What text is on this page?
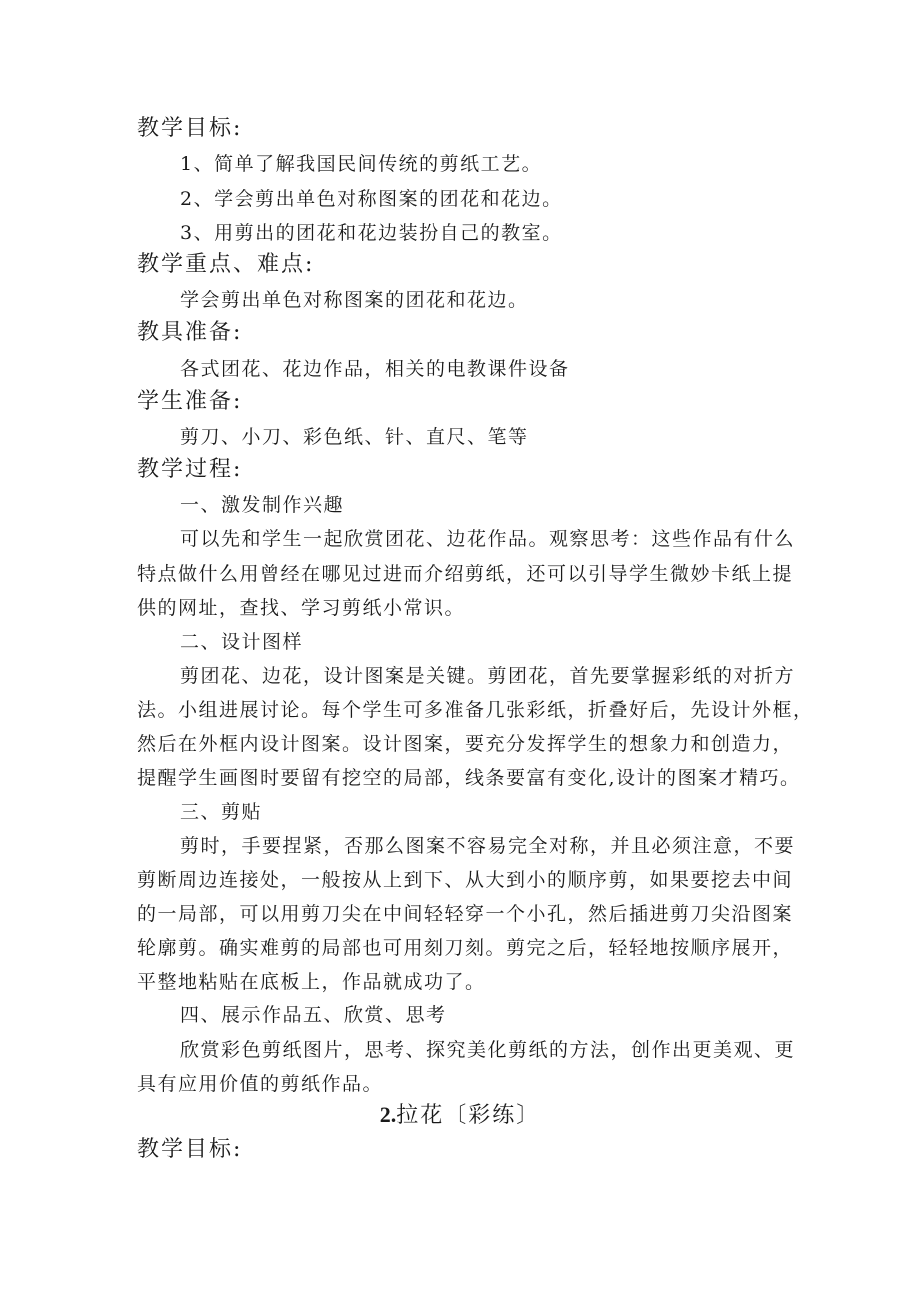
教学目标:
1、简单了解我国民间传统的剪纸工艺。
2、学会剪出单色对称图案的团花和花边。
3、用剪出的团花和花边装扮自己的教室。
教学重点、难点:
学会剪出单色对称图案的团花和花边。
教具准备:
各式团花、花边作品，相关的电教课件设备
学生准备:
剪刀、小刀、彩色纸、针、直尺、笔等
教学过程:
一、激发制作兴趣
可以先和学生一起欣赏团花、边花作品。观察思考：这些作品有什么
特点做什么用曾经在哪见过进而介绍剪纸，还可以引导学生微妙卡纸上提
供的网址，查找、学习剪纸小常识。
二、设计图样
剪团花、边花，设计图案是关键。剪团花，首先要掌握彩纸的对折方
法。小组进展讨论。每个学生可多准备几张彩纸，折叠好后，先设计外框，
然后在外框内设计图案。设计图案，要充分发挥学生的想象力和创造力，
提醒学生画图时要留有挖空的局部，线条要富有变化,设计的图案才精巧。
三、剪贴
剪时，手要捏紧，否那么图案不容易完全对称，并且必须注意，不要
剪断周边连接处，一般按从上到下、从大到小的顺序剪，如果要挖去中间
的一局部，可以用剪刀尖在中间轻轻穿一个小孔，然后插进剪刀尖沿图案
轮廓剪。确实难剪的局部也可用刻刀刻。剪完之后，轻轻地按顺序展开，
平整地粘贴在底板上，作品就成功了。
四、展示作品五、欣赏、思考
欣赏彩色剪纸图片，思考、探究美化剪纸的方法，创作出更美观、更
具有应用价值的剪纸作品。
2.拉花〔彩练〕
教学目标:
